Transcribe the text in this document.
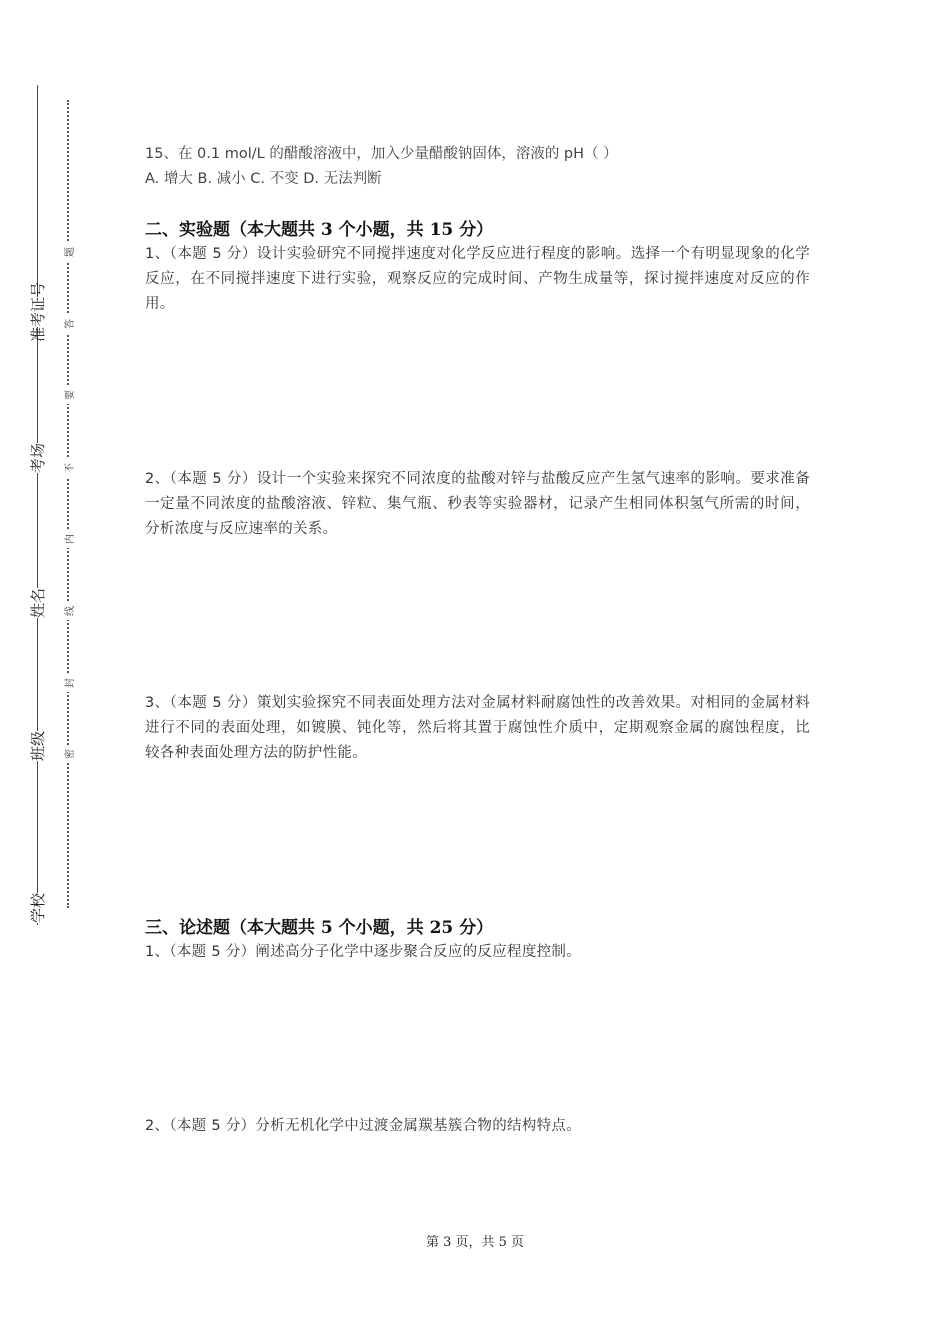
准考证号
考场
姓名
班级
学校
题
答
要
不
内
线
封
密
15、在 0.1 mol/L 的醋酸溶液中，加入少量醋酸钠固体，溶液的 pH（ ）
A. 增大 B. 减小 C. 不变 D. 无法判断
二、实验题（本大题共 3 个小题，共 15 分）
1、（本题 5 分）设计实验研究不同搅拌速度对化学反应进行程度的影响。选择一个有明显现象的化学反应，在不同搅拌速度下进行实验，观察反应的完成时间、产物生成量等，探讨搅拌速度对反应的作用。
2、（本题 5 分）设计一个实验来探究不同浓度的盐酸对锌与盐酸反应产生氢气速率的影响。要求准备一定量不同浓度的盐酸溶液、锌粒、集气瓶、秒表等实验器材，记录产生相同体积氢气所需的时间，分析浓度与反应速率的关系。
3、（本题 5 分）策划实验探究不同表面处理方法对金属材料耐腐蚀性的改善效果。对相同的金属材料进行不同的表面处理，如镀膜、钝化等，然后将其置于腐蚀性介质中，定期观察金属的腐蚀程度，比较各种表面处理方法的防护性能。
三、论述题（本大题共 5 个小题，共 25 分）
1、（本题 5 分）阐述高分子化学中逐步聚合反应的反应程度控制。
2、（本题 5 分）分析无机化学中过渡金属羰基簇合物的结构特点。
第 3 页，共 5 页
